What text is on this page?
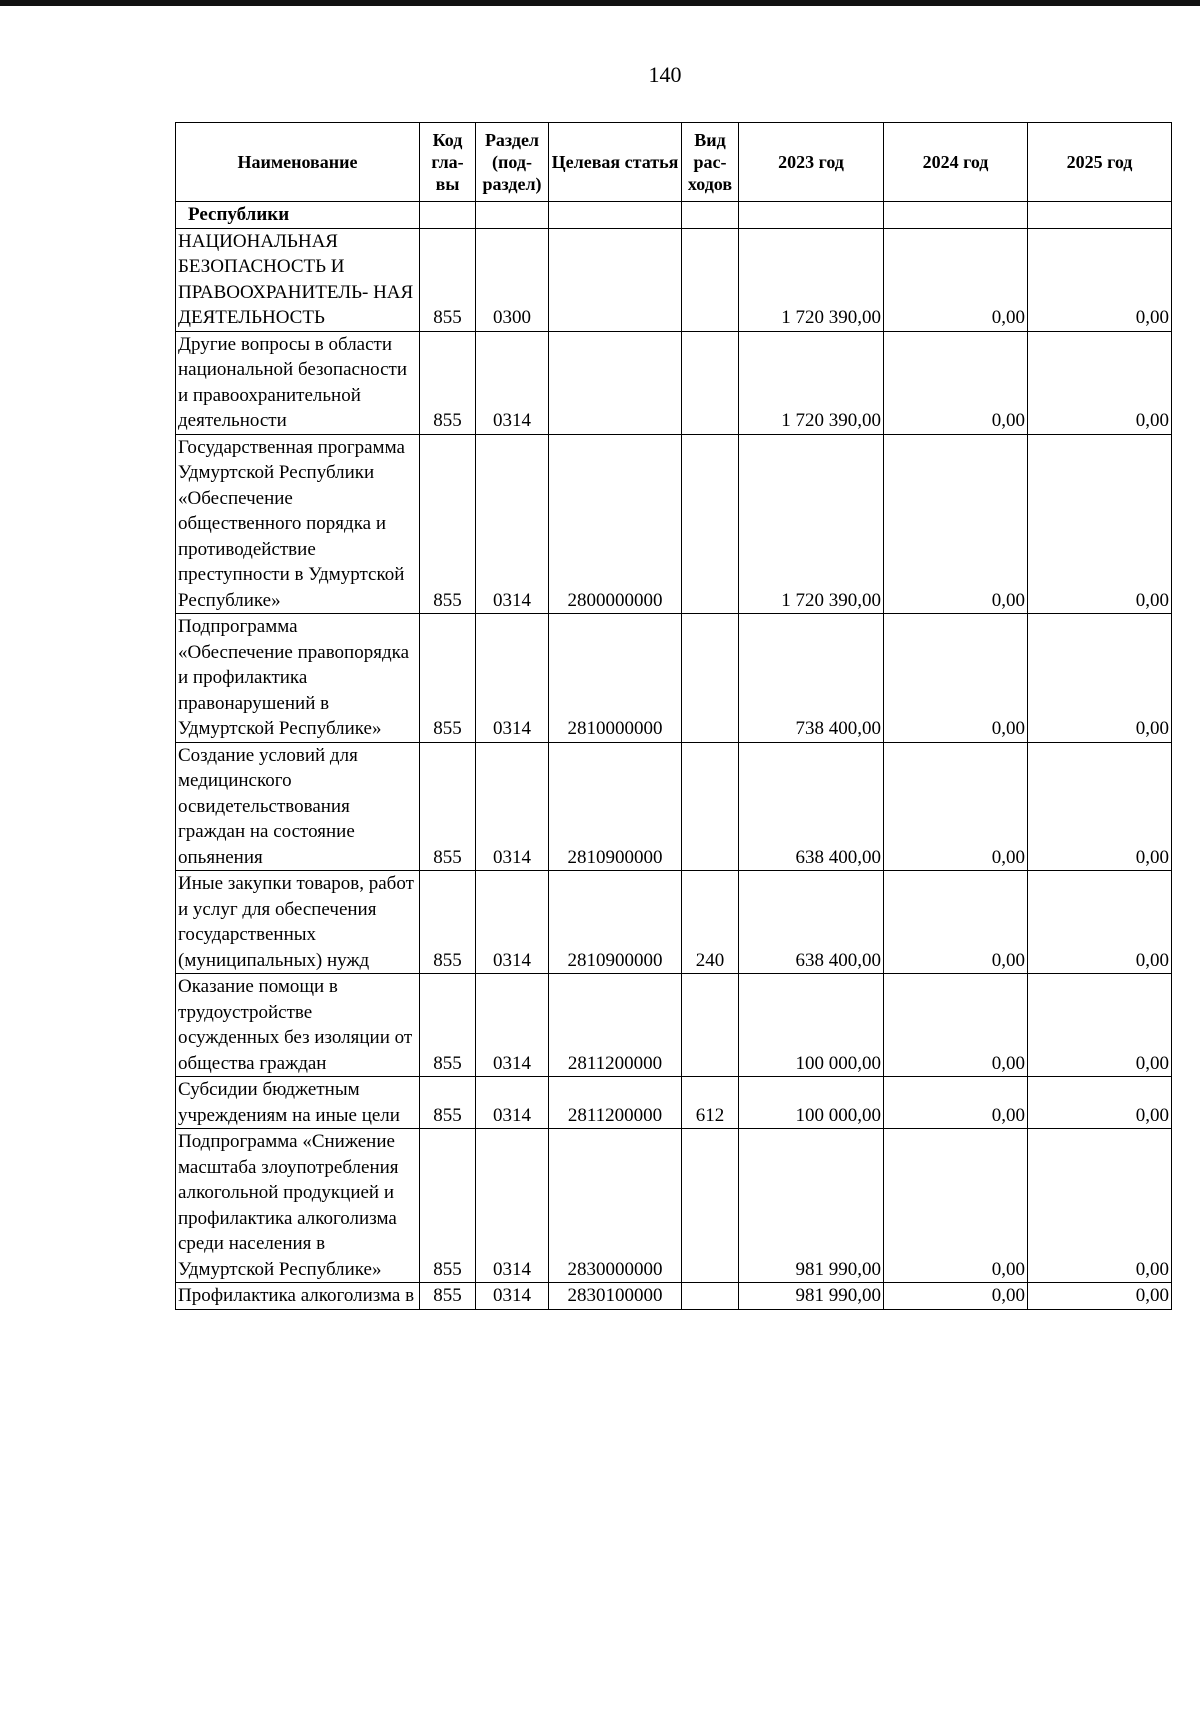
140
Наименование	Код гла- вы	Раздел (под- раздел)	Целевая статья	Вид рас- ходов	2023 год	2024 год	2025 год
Республики							
НАЦИОНАЛЬНАЯ БЕЗОПАСНОСТЬ И ПРАВООХРАНИТЕЛЬ- НАЯ ДЕЯТЕЛЬНОСТЬ	855	0300			1 720 390,00	0,00	0,00
Другие вопросы в области национальной безопасности и правоохранительной деятельности	855	0314			1 720 390,00	0,00	0,00
Государственная программа Удмуртской Республики «Обеспечение общественного порядка и противодействие преступности в Удмуртской Республике»	855	0314	2800000000		1 720 390,00	0,00	0,00
Подпрограмма «Обеспечение правопорядка и профилактика правонарушений в Удмуртской Республике»	855	0314	2810000000		738 400,00	0,00	0,00
Создание условий для медицинского освидетельствования граждан на состояние опьянения	855	0314	2810900000		638 400,00	0,00	0,00
Иные закупки товаров, работ и услуг для обеспечения государственных (муниципальных) нужд	855	0314	2810900000	240	638 400,00	0,00	0,00
Оказание помощи в трудоустройстве осужденных без изоляции от общества граждан	855	0314	2811200000		100 000,00	0,00	0,00
Субсидии бюджетным учреждениям на иные цели	855	0314	2811200000	612	100 000,00	0,00	0,00
Подпрограмма «Снижение масштаба злоупотребления алкогольной продукцией и профилактика алкоголизма среди населения в Удмуртской Республике»	855	0314	2830000000		981 990,00	0,00	0,00
Профилактика алкоголизма в	855	0314	2830100000		981 990,00	0,00	0,00
